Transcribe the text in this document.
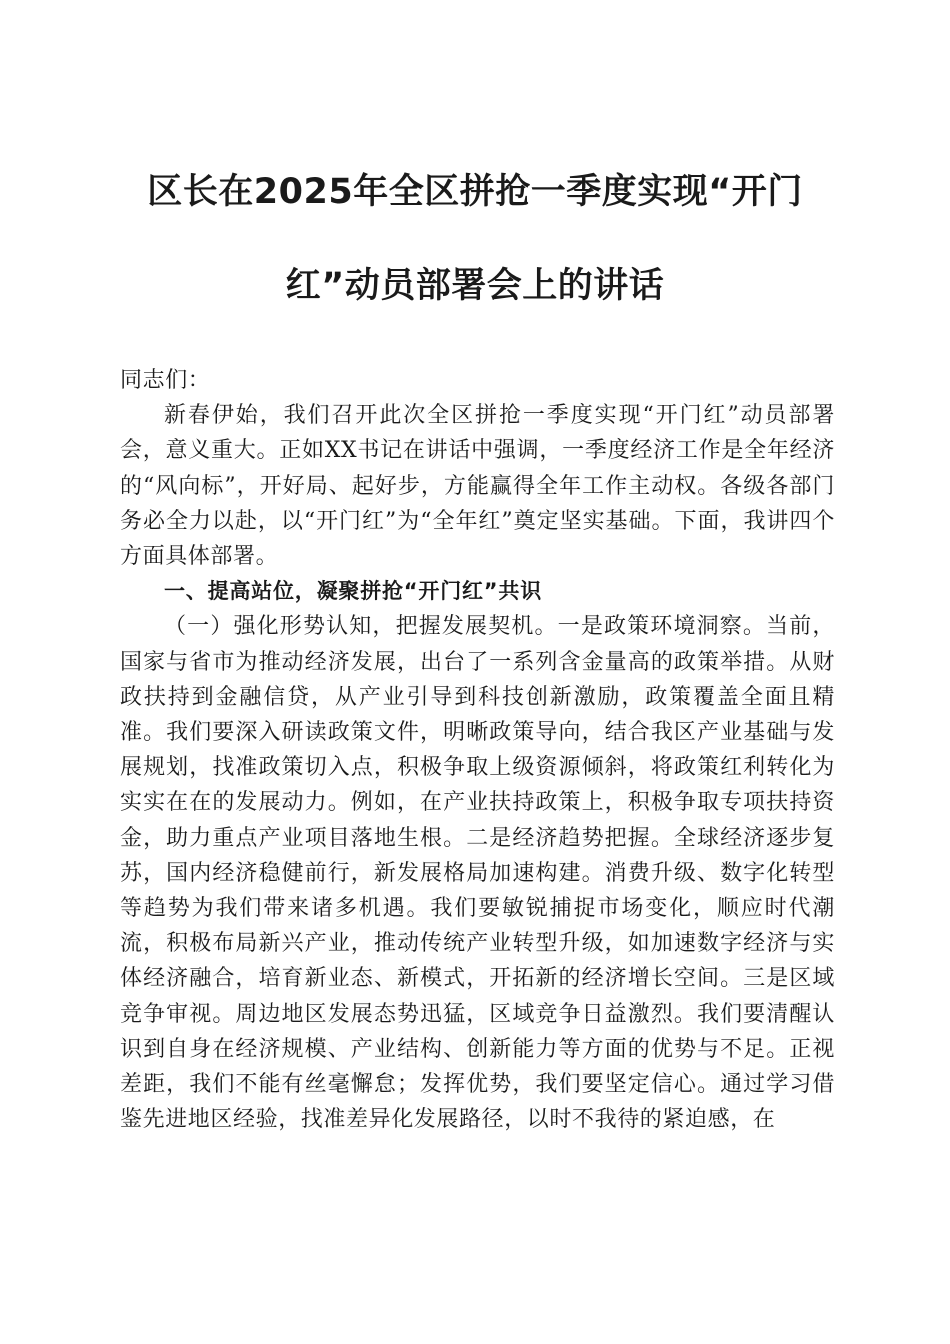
区长在2025年全区拼抢一季度实现“开门
红”动员部署会上的讲话

同志们：

新春伊始，我们召开此次全区拼抢一季度实现“开门红”动员部署会，意义重大。正如XX书记在讲话中强调，一季度经济工作是全年经济的“风向标”，开好局、起好步，方能赢得全年工作主动权。各级各部门务必全力以赴，以“开门红”为“全年红”奠定坚实基础。下面，我讲四个方面具体部署。

一、提高站位，凝聚拼抢“开门红”共识

（一）强化形势认知，把握发展契机。一是政策环境洞察。当前，国家与省市为推动经济发展，出台了一系列含金量高的政策举措。从财政扶持到金融信贷，从产业引导到科技创新激励，政策覆盖全面且精准。我们要深入研读政策文件，明晰政策导向，结合我区产业基础与发展规划，找准政策切入点，积极争取上级资源倾斜，将政策红利转化为实实在在的发展动力。例如，在产业扶持政策上，积极争取专项扶持资金，助力重点产业项目落地生根。二是经济趋势把握。全球经济逐步复苏，国内经济稳健前行，新发展格局加速构建。消费升级、数字化转型等趋势为我们带来诸多机遇。我们要敏锐捕捉市场变化，顺应时代潮流，积极布局新兴产业，推动传统产业转型升级，如加速数字经济与实体经济融合，培育新业态、新模式，开拓新的经济增长空间。三是区域竞争审视。周边地区发展态势迅猛，区域竞争日益激烈。我们要清醒认识到自身在经济规模、产业结构、创新能力等方面的优势与不足。正视差距，我们不能有丝毫懈怠；发挥优势，我们要坚定信心。通过学习借鉴先进地区经验，找准差异化发展路径，以时不我待的紧迫感，在
